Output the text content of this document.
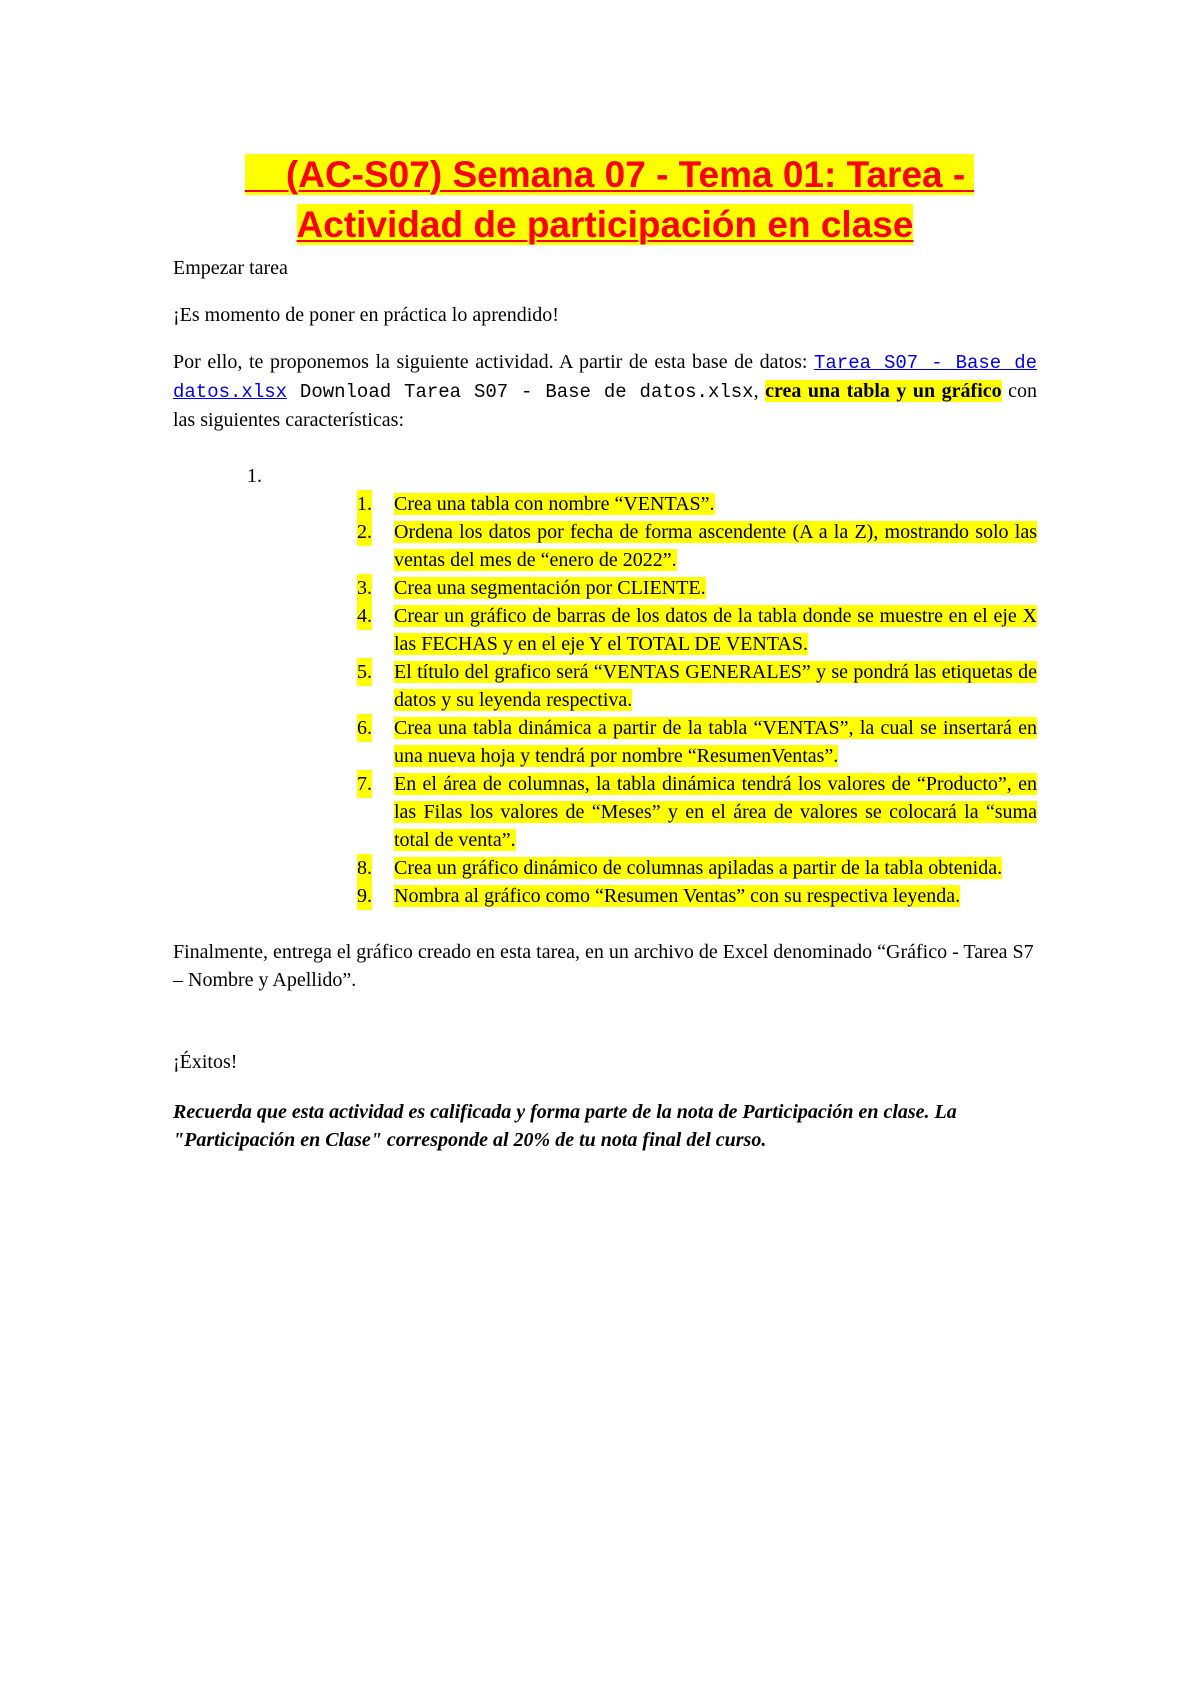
(AC-S07) Semana 07 - Tema 01: Tarea - Actividad de participación en clase

Empezar tarea

¡Es momento de poner en práctica lo aprendido!

Por ello, te proponemos la siguiente actividad. A partir de esta base de datos: Tarea S07 - Base de datos.xlsx Download Tarea S07 - Base de datos.xlsx, crea una tabla y un gráfico con las siguientes características:

1.
1. Crea una tabla con nombre “VENTAS”.
2. Ordena los datos por fecha de forma ascendente (A a la Z), mostrando solo las ventas del mes de “enero de 2022”.
3. Crea una segmentación por CLIENTE.
4. Crear un gráfico de barras de los datos de la tabla donde se muestre en el eje X las FECHAS y en el eje Y el TOTAL DE VENTAS.
5. El título del grafico será “VENTAS GENERALES” y se pondrá las etiquetas de datos y su leyenda respectiva.
6. Crea una tabla dinámica a partir de la tabla “VENTAS”, la cual se insertará en una nueva hoja y tendrá por nombre “ResumenVentas”.
7. En el área de columnas, la tabla dinámica tendrá los valores de “Producto”, en las Filas los valores de “Meses” y en el área de valores se colocará la “suma total de venta”.
8. Crea un gráfico dinámico de columnas apiladas a partir de la tabla obtenida.
9. Nombra al gráfico como “Resumen Ventas” con su respectiva leyenda.

Finalmente, entrega el gráfico creado en esta tarea, en un archivo de Excel denominado “Gráfico - Tarea S7 – Nombre y Apellido”.

¡Éxitos!

Recuerda que esta actividad es calificada y forma parte de la nota de Participación en clase. La "Participación en Clase" corresponde al 20% de tu nota final del curso.
